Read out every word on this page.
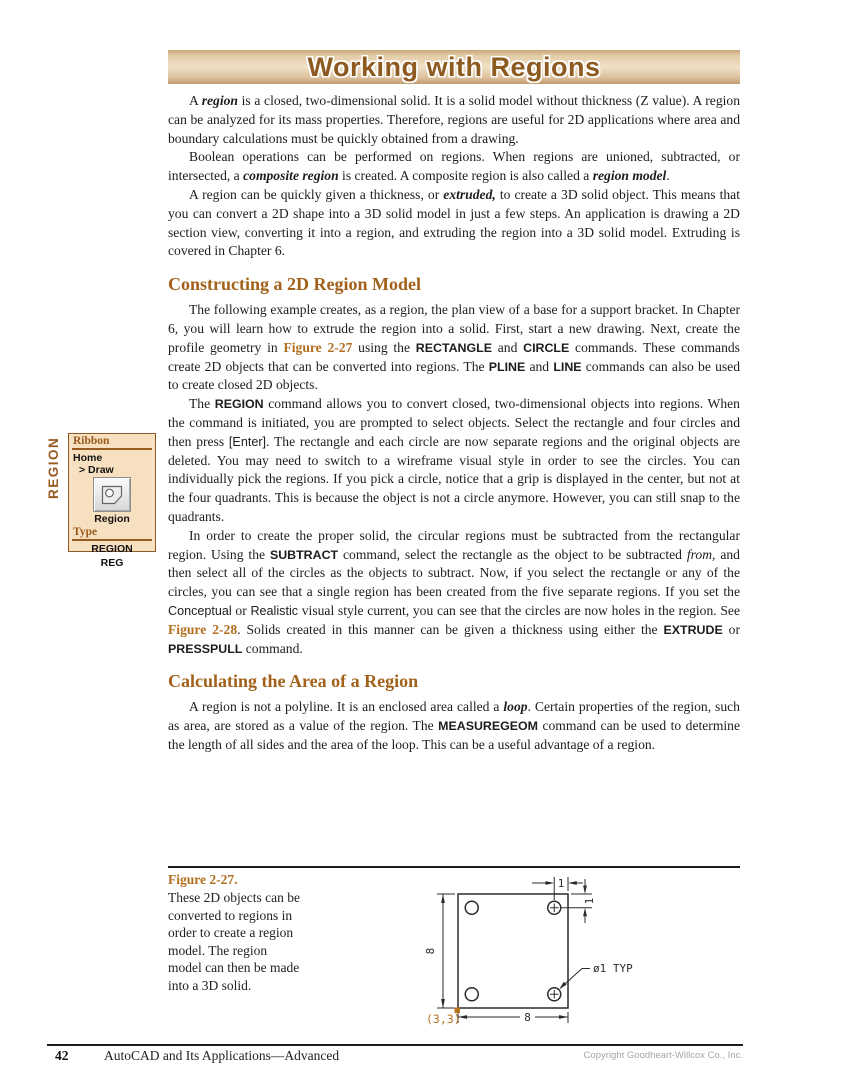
Working with Regions
REGION Ribbon
Home
> Draw
Region
Type
REGION
REG

A region is a closed, two-dimensional solid. It is a solid model without thickness (Z value). A region can be analyzed for its mass properties. Therefore, regions are useful for 2D applications where area and boundary calculations must be quickly obtained from a drawing.

Boolean operations can be performed on regions. When regions are unioned, subtracted, or intersected, a composite region is created. A composite region is also called a region model.

A region can be quickly given a thickness, or extruded, to create a 3D solid object. This means that you can convert a 2D shape into a 3D solid model in just a few steps. An application is drawing a 2D section view, converting it into a region, and extruding the region into a 3D solid model. Extruding is covered in Chapter 6.

Constructing a 2D Region Model

The following example creates, as a region, the plan view of a base for a support bracket. In Chapter 6, you will learn how to extrude the region into a solid. First, start a new drawing. Next, create the profile geometry in Figure 2-27 using the RECTANGLE and CIRCLE commands. These commands create 2D objects that can be converted into regions. The PLINE and LINE commands can also be used to create closed 2D objects.

The REGION command allows you to convert closed, two-dimensional objects into regions. When the command is initiated, you are prompted to select objects. Select the rectangle and four circles and then press [Enter]. The rectangle and each circle are now separate regions and the original objects are deleted. You may need to switch to a wireframe visual style in order to see the circles. You can individually pick the regions. If you pick a circle, notice that a grip is displayed in the center, but not at the four quadrants. This is because the object is not a circle anymore. However, you can still snap to the quadrants.

In order to create the proper solid, the circular regions must be subtracted from the rectangular region. Using the SUBTRACT command, select the rectangle as the object to be subtracted from, and then select all of the circles as the objects to subtract. Now, if you select the rectangle or any of the circles, you can see that a single region has been created from the five separate regions. If you set the Conceptual or Realistic visual style current, you can see that the circles are now holes in the region. See Figure 2-28. Solids created in this manner can be given a thickness using either the EXTRUDE or PRESSPULL command.

Calculating the Area of a Region

A region is not a polyline. It is an enclosed area called a loop. Certain properties of the region, such as area, are stored as a value of the region. The MEASUREGEOM command can be used to determine the length of all sides and the area of the loop. This can be a useful advantage of a region.

Figure 2-27.
These 2D objects can be converted to regions in order to create a region model. The region model can then be made into a 3D solid.
1
1
8
8
ø1 TYP
(3,3)
42	AutoCAD and Its Applications—Advanced	Copyright Goodheart-Willcox Co., Inc.
